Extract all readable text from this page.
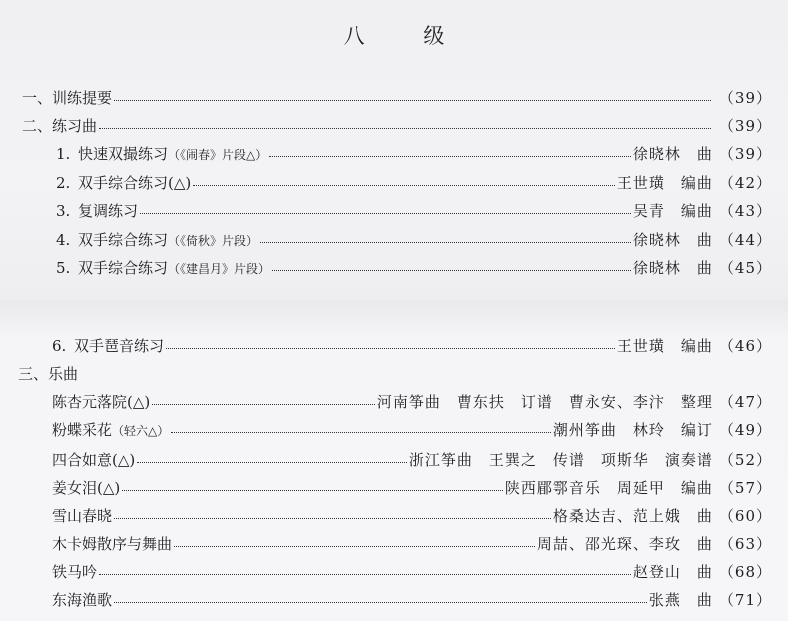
八 级
一、训练提要	（39）
二、练习曲	（39）
1. 快速双撮练习 （《闹春》片段△）	徐晓林　曲 （39）
2. 双手综合练习(△)	王世璜　编曲 （42）
3. 复调练习	吴青　编曲 （43）
4. 双手综合练习 （《倚秋》片段）	徐晓林　曲 （44）
5. 双手综合练习 （《建昌月》片段）	徐晓林　曲 （45）
6. 双手琶音练习	王世璜　编曲 （46）
三、乐曲
陈杏元落院(△)	河南筝曲　曹东扶　订谱　曹永安、李汴　整理 （47）
粉蝶采花 （轻六△）	潮州筝曲　林玲　编订 （49）
四合如意(△)	浙江筝曲　王巽之　传谱　项斯华　演奏谱 （52）
姜女泪(△)	陕西郿鄠音乐　周延甲　编曲 （57）
雪山春晓	格桑达吉、范上娥　曲 （60）
木卡姆散序与舞曲	周喆、邵光琛、李玫　曲 （63）
铁马吟	赵登山　曲 （68）
东海渔歌	张燕　曲 （71）
